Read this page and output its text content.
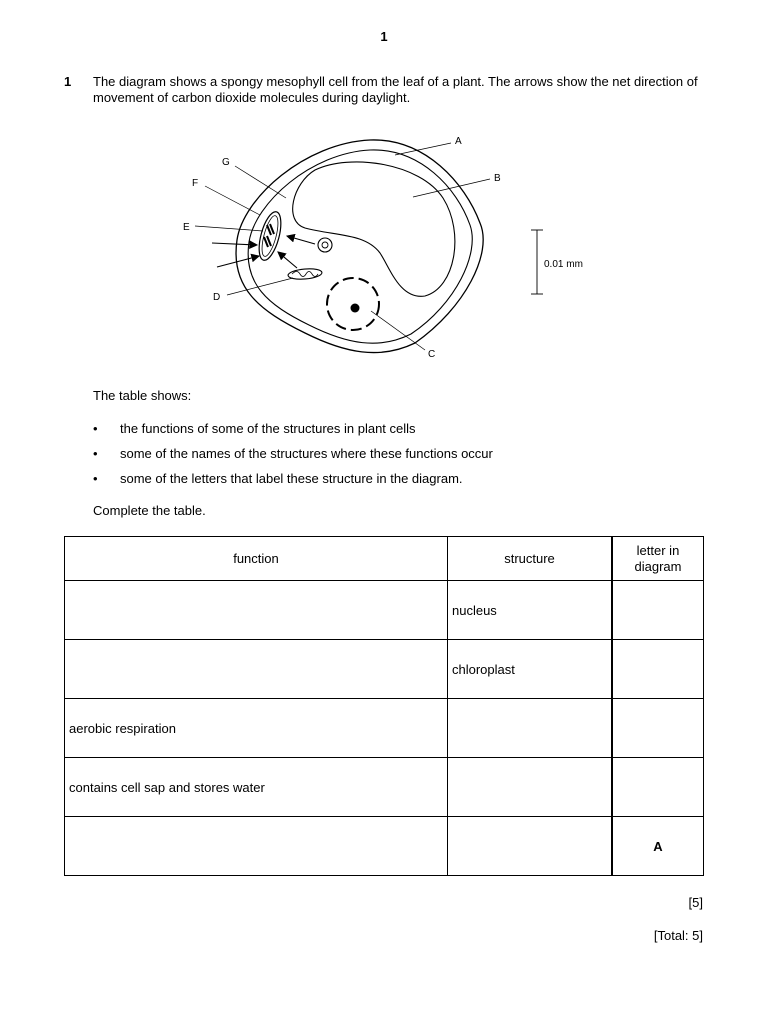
1
1 The diagram shows a spongy mesophyll cell from the leaf of a plant. The arrows show the net direction of movement of carbon dioxide molecules during daylight.
A
B
C
D
E
F
G
0.01 mm
The table shows:
• the functions of some of the structures in plant cells
• some of the names of the structures where these functions occur
• some of the letters that label these structure in the diagram.
Complete the table.
function	structure	letter in diagram
	nucleus	
	chloroplast	
aerobic respiration		
contains cell sap and stores water		
		A
[5]
[Total: 5]
